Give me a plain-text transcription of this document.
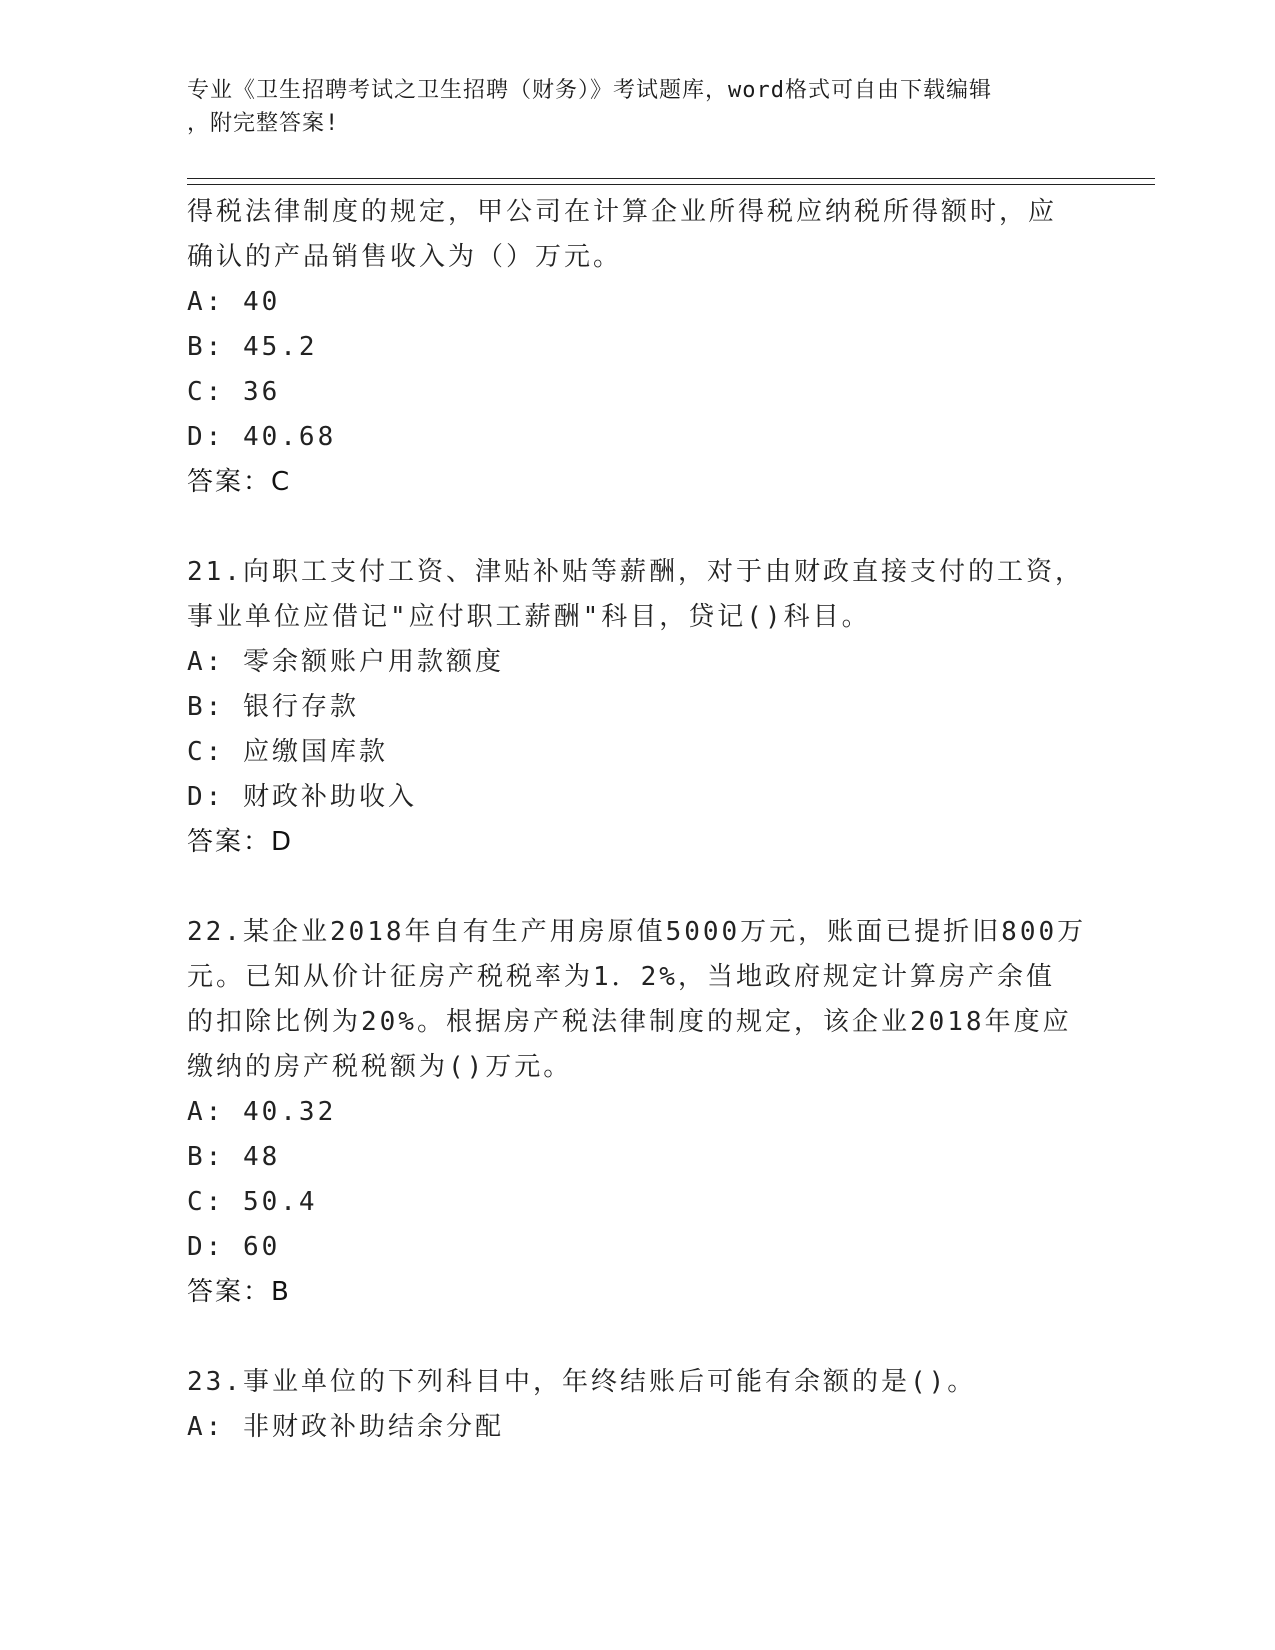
专业《卫生招聘考试之卫生招聘（财务）》考试题库，word格式可自由下载编辑
，附完整答案!
得税法律制度的规定，甲公司在计算企业所得税应纳税所得额时，应
确认的产品销售收入为（）万元。
A: 40
B: 45.2
C: 36
D: 40.68
答案：C
21.向职工支付工资、津贴补贴等薪酬，对于由财政直接支付的工资，
事业单位应借记"应付职工薪酬"科目，贷记()科目。
A: 零余额账户用款额度
B: 银行存款
C: 应缴国库款
D: 财政补助收入
答案：D
22.某企业2018年自有生产用房原值5000万元，账面已提折旧800万
元。已知从价计征房产税税率为1．2%，当地政府规定计算房产余值
的扣除比例为20%。根据房产税法律制度的规定，该企业2018年度应
缴纳的房产税税额为()万元。
A: 40.32
B: 48
C: 50.4
D: 60
答案：B
23.事业单位的下列科目中，年终结账后可能有余额的是()。
A: 非财政补助结余分配
